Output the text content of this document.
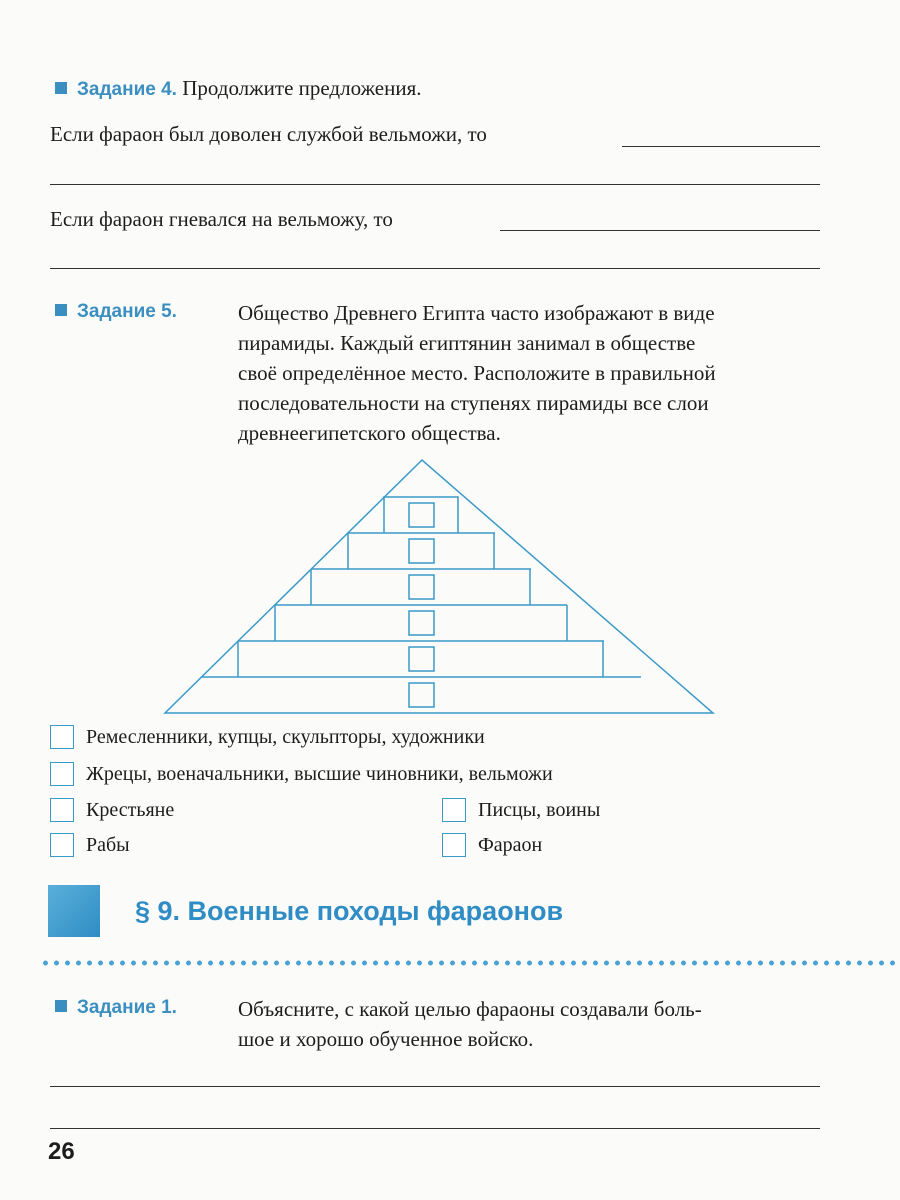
Задание 4. Продолжите предложения.
Если фараон был доволен службой вельможи, то
Если фараон гневался на вельможу, то
Задание 5.	Общество Древнего Египта часто изображают в виде
пирамиды. Каждый египтянин занимал в обществе
своё определённое место. Расположите в правильной
последовательности на ступенях пирамиды все слои
древнеегипетского общества.
Ремесленники, купцы, скульпторы, художники
Жрецы, военачальники, высшие чиновники, вельможи
Крестьяне
Рабы
Писцы, воины
Фараон
§ 9. Военные походы фараонов
Задание 1.	Объясните, с какой целью фараоны создавали боль-
шое и хорошо обученное войско.
26
